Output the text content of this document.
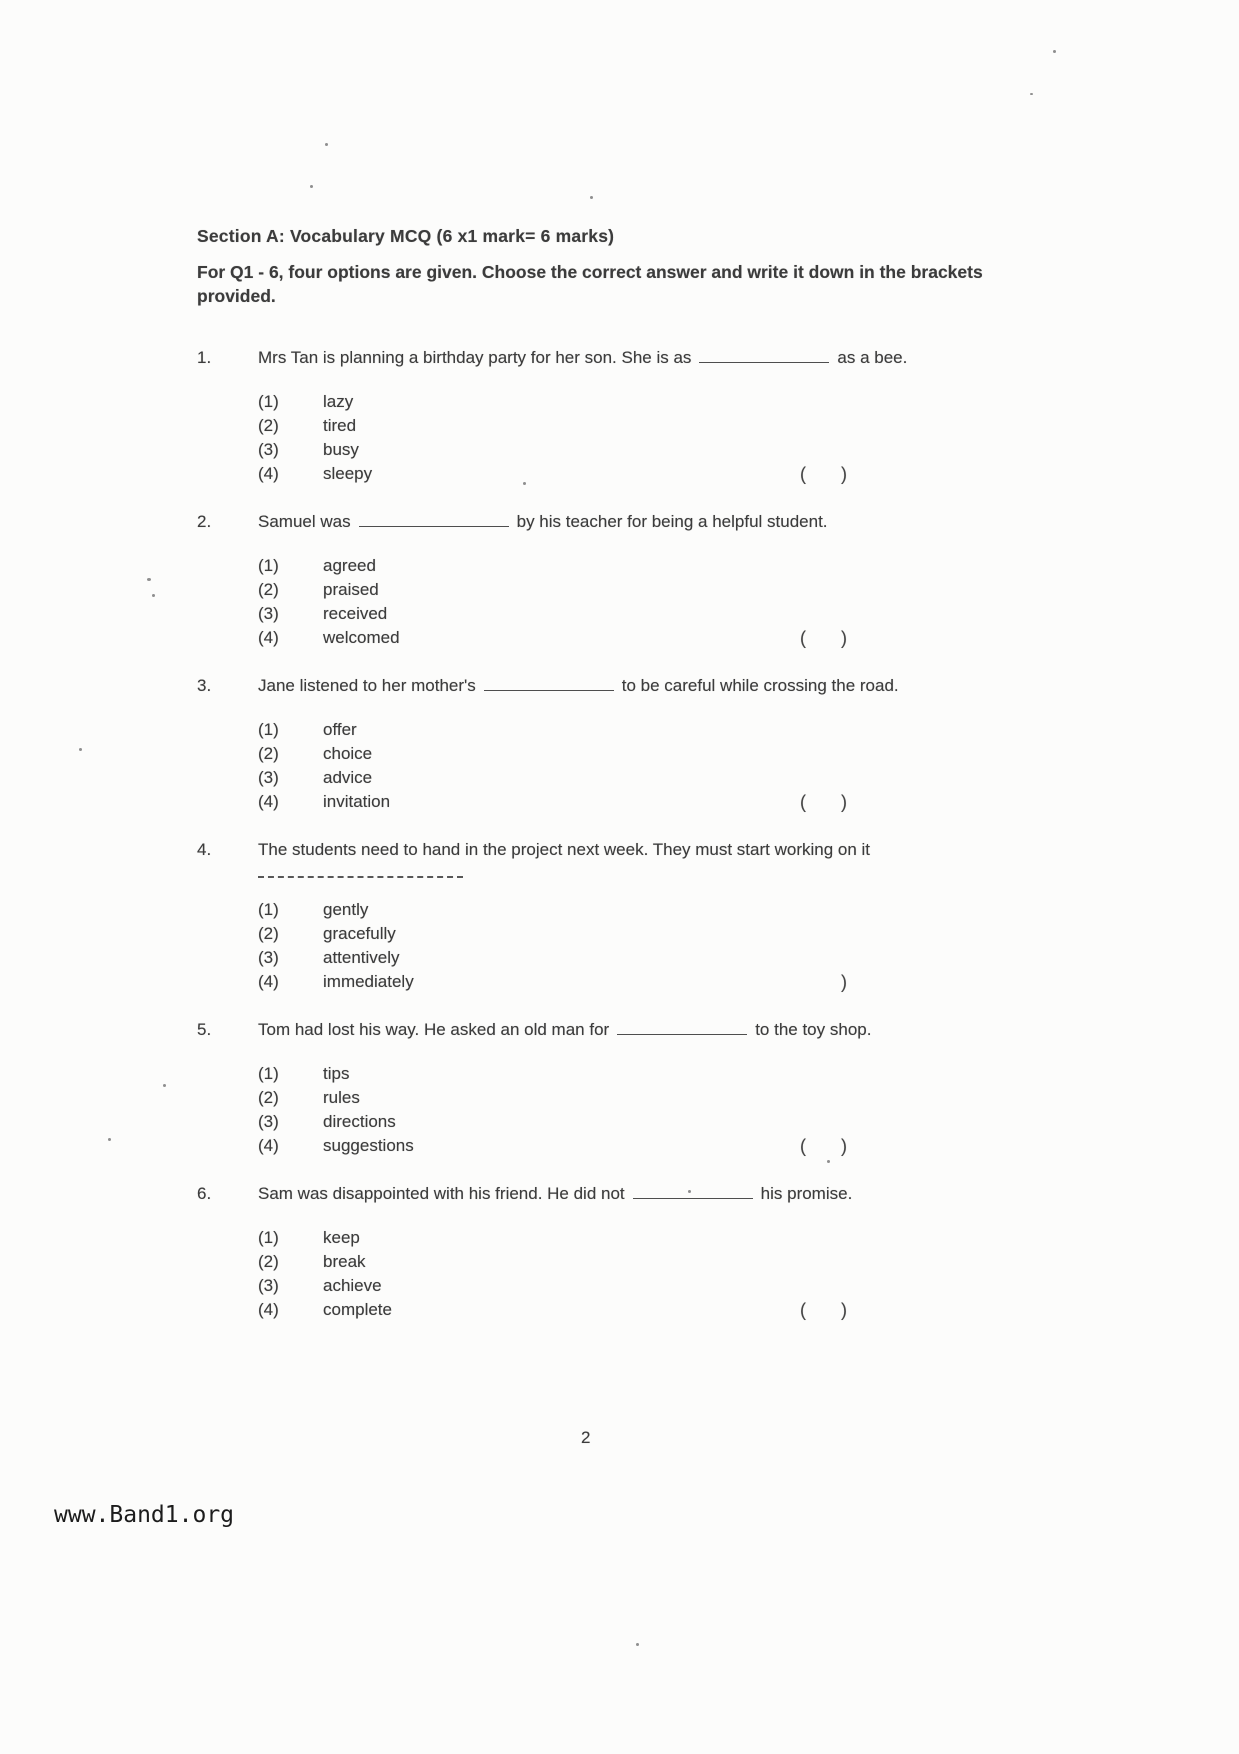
Section A: Vocabulary MCQ (6 x1 mark= 6 marks)
For Q1 - 6, four options are given. Choose the correct answer and write it down in the brackets provided.
1.	Mrs Tan is planning a birthday party for her son. She is as	as a bee.
(1)	lazy
(2)	tired
(3)	busy
(4)	sleepy	(       )
2.	Samuel was	by his teacher for being a helpful student.
(1)	agreed
(2)	praised
(3)	received
(4)	welcomed	(       )
3.	Jane listened to her mother's	to be careful while crossing the road.
(1)	offer
(2)	choice
(3)	advice
(4)	invitation	(       )
4.	The students need to hand in the project next week. They must start working on it
(1)	gently
(2)	gracefully
(3)	attentively
(4)	immediately	)
5.	Tom had lost his way. He asked an old man for	to the toy shop.
(1)	tips
(2)	rules
(3)	directions
(4)	suggestions	(       )
6.	Sam was disappointed with his friend. He did not	his promise.
(1)	keep
(2)	break
(3)	achieve
(4)	complete	(       )
2
www.Band1.org
